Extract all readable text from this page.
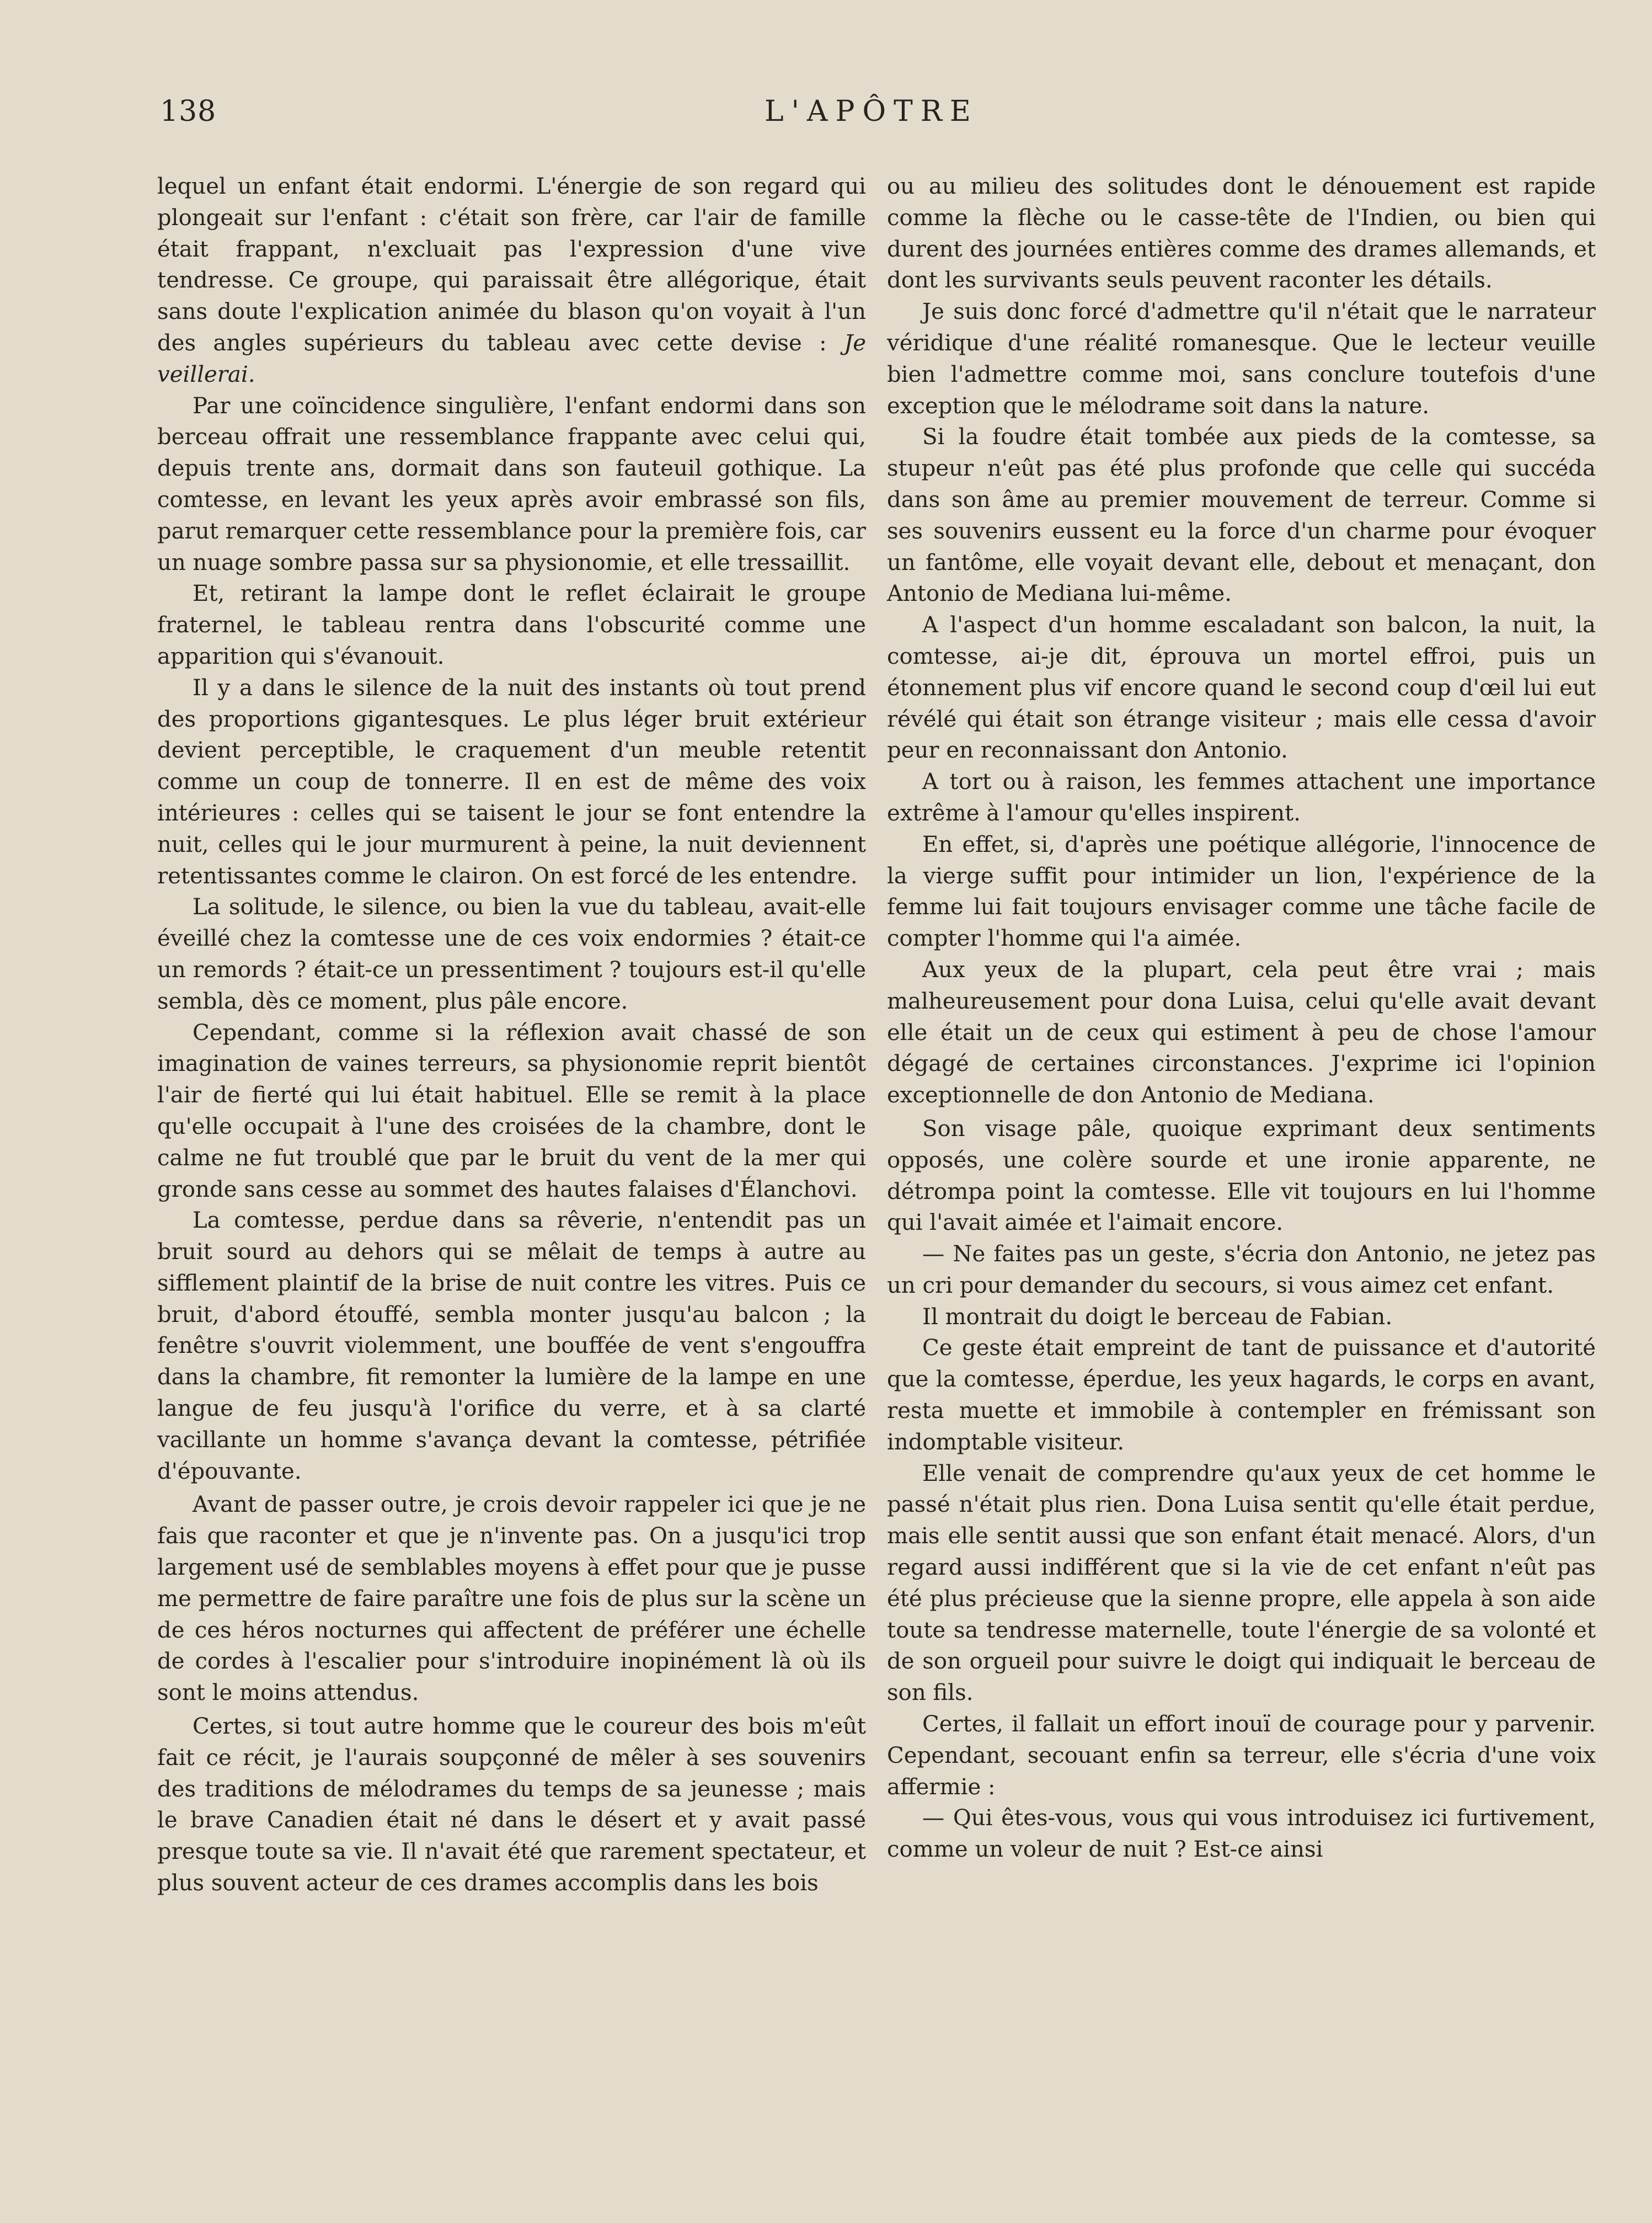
138	L'APÔTRE

lequel un enfant était endormi. L'énergie de son regard qui plongeait sur l'enfant : c'était son frère, car l'air de famille était frappant, n'excluait pas l'expression d'une vive tendresse. Ce groupe, qui paraissait être allégorique, était sans doute l'explication animée du blason qu'on voyait à l'un des angles supérieurs du tableau avec cette devise : Je veillerai.

Par une coïncidence singulière, l'enfant endormi dans son berceau offrait une ressemblance frappante avec celui qui, depuis trente ans, dormait dans son fauteuil gothique. La comtesse, en levant les yeux après avoir embrassé son fils, parut remarquer cette ressemblance pour la première fois, car un nuage sombre passa sur sa physionomie, et elle tressaillit.

Et, retirant la lampe dont le reflet éclairait le groupe fraternel, le tableau rentra dans l'obscurité comme une apparition qui s'évanouit.

Il y a dans le silence de la nuit des instants où tout prend des proportions gigantesques. Le plus léger bruit extérieur devient perceptible, le craquement d'un meuble retentit comme un coup de tonnerre. Il en est de même des voix intérieures : celles qui se taisent le jour se font entendre la nuit, celles qui le jour murmurent à peine, la nuit deviennent retentissantes comme le clairon. On est forcé de les entendre.

La solitude, le silence, ou bien la vue du tableau, avait-elle éveillé chez la comtesse une de ces voix endormies ? était-ce un remords ? était-ce un pressentiment ? toujours est-il qu'elle sembla, dès ce moment, plus pâle encore.

Cependant, comme si la réflexion avait chassé de son imagination de vaines terreurs, sa physionomie reprit bientôt l'air de fierté qui lui était habituel. Elle se remit à la place qu'elle occupait à l'une des croisées de la chambre, dont le calme ne fut troublé que par le bruit du vent de la mer qui gronde sans cesse au sommet des hautes falaises d'Élanchovi.

La comtesse, perdue dans sa rêverie, n'entendit pas un bruit sourd au dehors qui se mêlait de temps à autre au sifflement plaintif de la brise de nuit contre les vitres. Puis ce bruit, d'abord étouffé, sembla monter jusqu'au balcon ; la fenêtre s'ouvrit violemment, une bouffée de vent s'engouffra dans la chambre, fit remonter la lumière de la lampe en une langue de feu jusqu'à l'orifice du verre, et à sa clarté vacillante un homme s'avança devant la comtesse, pétrifiée d'épouvante.

Avant de passer outre, je crois devoir rappeler ici que je ne fais que raconter et que je n'invente pas. On a jusqu'ici trop largement usé de semblables moyens à effet pour que je pusse me permettre de faire paraître une fois de plus sur la scène un de ces héros nocturnes qui affectent de préférer une échelle de cordes à l'escalier pour s'introduire inopinément là où ils sont le moins attendus.

Certes, si tout autre homme que le coureur des bois m'eût fait ce récit, je l'aurais soupçonné de mêler à ses souvenirs des traditions de mélodrames du temps de sa jeunesse ; mais le brave Canadien était né dans le désert et y avait passé presque toute sa vie. Il n'avait été que rarement spectateur, et plus souvent acteur de ces drames accomplis dans les bois

ou au milieu des solitudes dont le dénouement est rapide comme la flèche ou le casse-tête de l'Indien, ou bien qui durent des journées entières comme des drames allemands, et dont les survivants seuls peuvent raconter les détails.

Je suis donc forcé d'admettre qu'il n'était que le narrateur véridique d'une réalité romanesque. Que le lecteur veuille bien l'admettre comme moi, sans conclure toutefois d'une exception que le mélodrame soit dans la nature.

Si la foudre était tombée aux pieds de la comtesse, sa stupeur n'eût pas été plus profonde que celle qui succéda dans son âme au premier mouvement de terreur. Comme si ses souvenirs eussent eu la force d'un charme pour évoquer un fantôme, elle voyait devant elle, debout et menaçant, don Antonio de Mediana lui-même.

A l'aspect d'un homme escaladant son balcon, la nuit, la comtesse, ai-je dit, éprouva un mortel effroi, puis un étonnement plus vif encore quand le second coup d'œil lui eut révélé qui était son étrange visiteur ; mais elle cessa d'avoir peur en reconnaissant don Antonio.

A tort ou à raison, les femmes attachent une importance extrême à l'amour qu'elles inspirent.

En effet, si, d'après une poétique allégorie, l'innocence de la vierge suffit pour intimider un lion, l'expérience de la femme lui fait toujours envisager comme une tâche facile de compter l'homme qui l'a aimée.

Aux yeux de la plupart, cela peut être vrai ; mais malheureusement pour dona Luisa, celui qu'elle avait devant elle était un de ceux qui estiment à peu de chose l'amour dégagé de certaines circonstances. J'exprime ici l'opinion exceptionnelle de don Antonio de Mediana.

Son visage pâle, quoique exprimant deux sentiments opposés, une colère sourde et une ironie apparente, ne détrompa point la comtesse. Elle vit toujours en lui l'homme qui l'avait aimée et l'aimait encore.

— Ne faites pas un geste, s'écria don Antonio, ne jetez pas un cri pour demander du secours, si vous aimez cet enfant.

Il montrait du doigt le berceau de Fabian.

Ce geste était empreint de tant de puissance et d'autorité que la comtesse, éperdue, les yeux hagards, le corps en avant, resta muette et immobile à contempler en frémissant son indomptable visiteur.

Elle venait de comprendre qu'aux yeux de cet homme le passé n'était plus rien. Dona Luisa sentit qu'elle était perdue, mais elle sentit aussi que son enfant était menacé. Alors, d'un regard aussi indifférent que si la vie de cet enfant n'eût pas été plus précieuse que la sienne propre, elle appela à son aide toute sa tendresse maternelle, toute l'énergie de sa volonté et de son orgueil pour suivre le doigt qui indiquait le berceau de son fils.

Certes, il fallait un effort inouï de courage pour y parvenir. Cependant, secouant enfin sa terreur, elle s'écria d'une voix affermie :

— Qui êtes-vous, vous qui vous introduisez ici furtivement, comme un voleur de nuit ? Est-ce ainsi
